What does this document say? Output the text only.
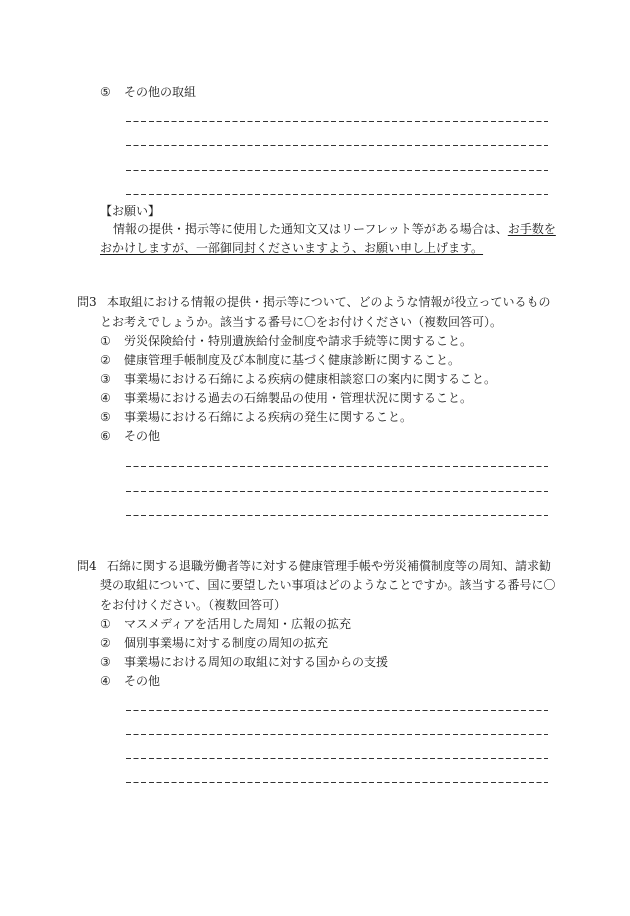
⑤ その他の取組
【お願い】
情報の提供・掲示等に使用した通知文又はリーフレット等がある場合は、お手数を
おかけしますが、一部御同封くださいますよう、お願い申し上げます。
問3 本取組における情報の提供・掲示等について、どのような情報が役立っているもの
とお考えでしょうか。該当する番号に〇をお付けください（複数回答可）。
① 労災保険給付・特別遺族給付金制度や請求手続等に関すること。
② 健康管理手帳制度及び本制度に基づく健康診断に関すること。
③ 事業場における石綿による疾病の健康相談窓口の案内に関すること。
④ 事業場における過去の石綿製品の使用・管理状況に関すること。
⑤ 事業場における石綿による疾病の発生に関すること。
⑥ その他
問4 石綿に関する退職労働者等に対する健康管理手帳や労災補償制度等の周知、請求勧
奨の取組について、国に要望したい事項はどのようなことですか。該当する番号に〇
をお付けください。（複数回答可）
① マスメディアを活用した周知・広報の拡充
② 個別事業場に対する制度の周知の拡充
③ 事業場における周知の取組に対する国からの支援
④ その他
